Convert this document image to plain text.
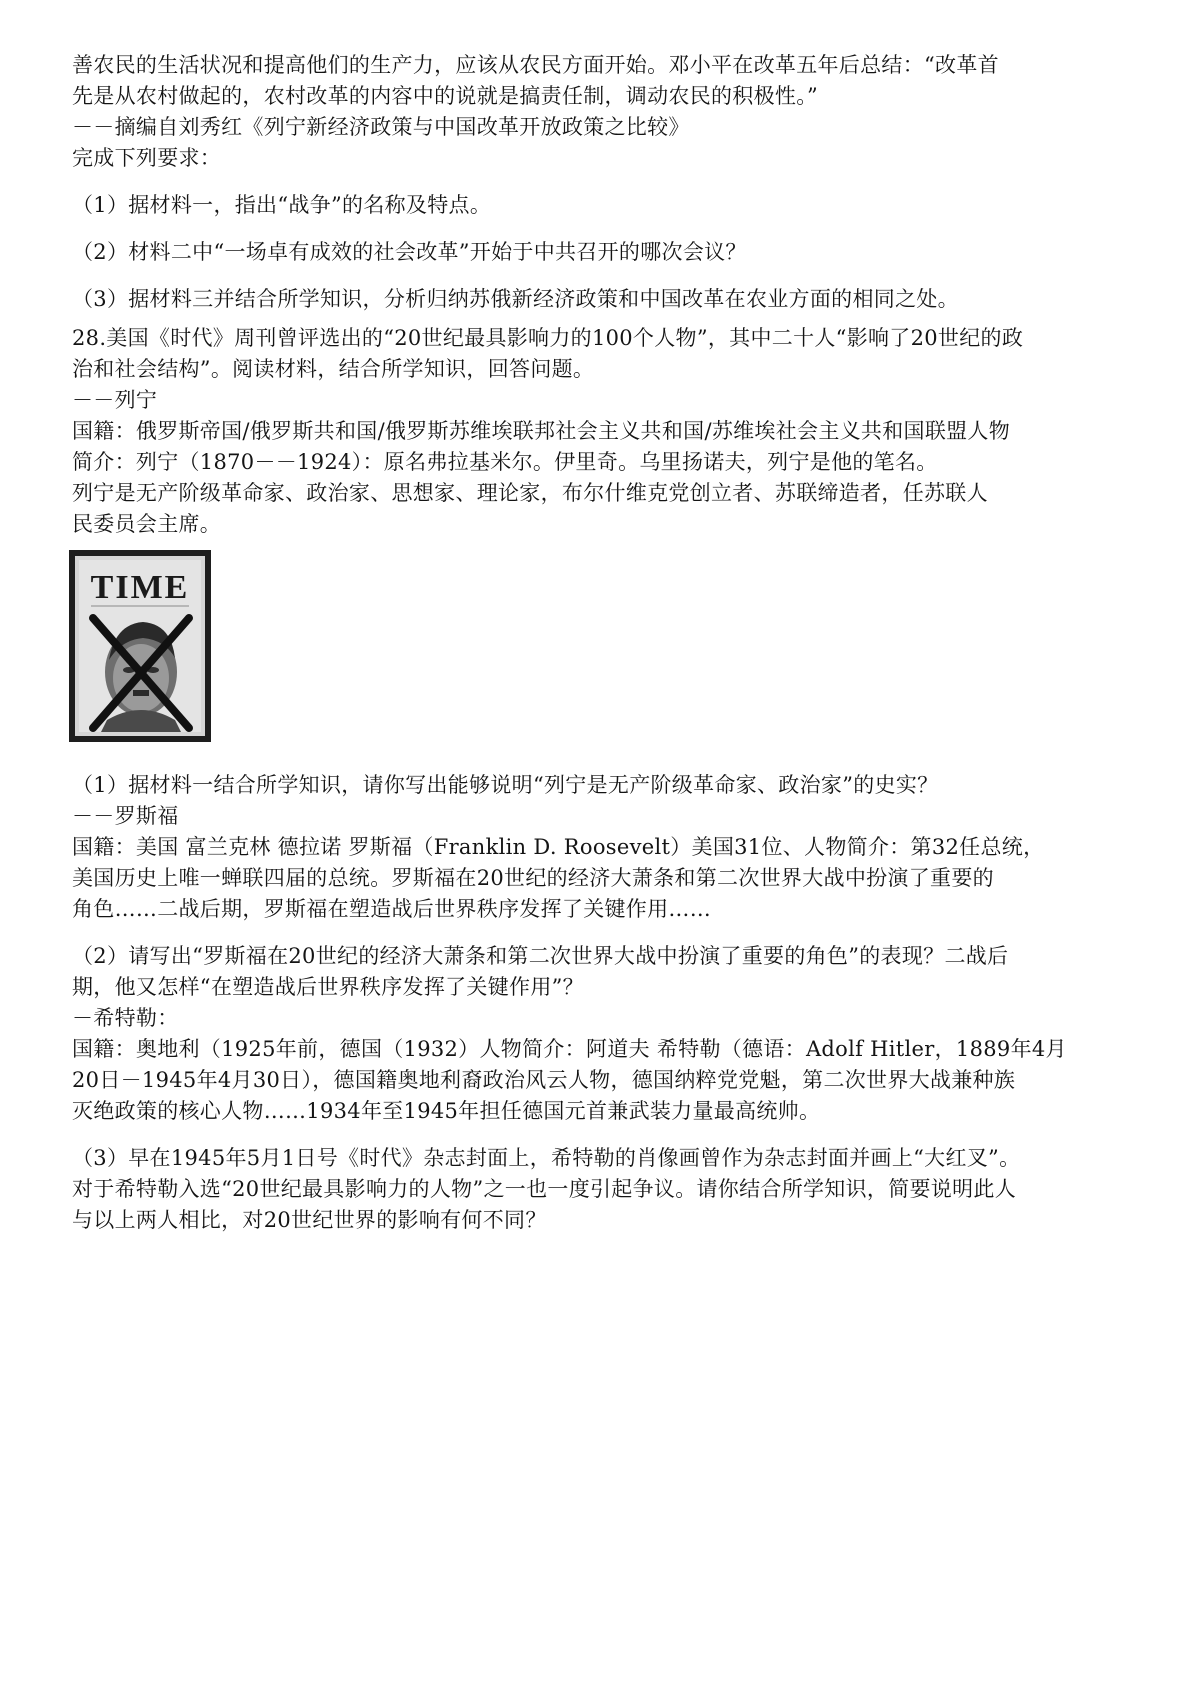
善农民的生活状况和提高他们的生产力，应该从农民方面开始。邓小平在改革五年后总结：“改革首

先是从农村做起的，农村改革的内容中的说就是搞责任制，调动农民的积极性。”

－－摘编自刘秀红《列宁新经济政策与中国改革开放政策之比较》

完成下列要求：

（1）据材料一，指出“战争”的名称及特点。

（2）材料二中“一场卓有成效的社会改革”开始于中共召开的哪次会议？

（3）据材料三并结合所学知识，分析归纳苏俄新经济政策和中国改革在农业方面的相同之处。

28.美国《时代》周刊曾评选出的“20世纪最具影响力的100个人物”，其中二十人“影响了20世纪的政

治和社会结构”。阅读材料，结合所学知识，回答问题。

－－列宁

国籍：俄罗斯帝国/俄罗斯共和国/俄罗斯苏维埃联邦社会主义共和国/苏维埃社会主义共和国联盟人物

简介：列宁（1870－－1924）：原名弗拉基米尔。伊里奇。乌里扬诺夫，列宁是他的笔名。

列宁是无产阶级革命家、政治家、思想家、理论家，布尔什维克党创立者、苏联缔造者，任苏联人

民委员会主席。

TIME

（1）据材料一结合所学知识，请你写出能够说明“列宁是无产阶级革命家、政治家”的史实？

－－罗斯福

国籍：美国 富兰克林 德拉诺 罗斯福（Franklin D. Roosevelt）美国31位、人物简介：第32任总统，

美国历史上唯一蝉联四届的总统。罗斯福在20世纪的经济大萧条和第二次世界大战中扮演了重要的

角色……二战后期，罗斯福在塑造战后世界秩序发挥了关键作用……

（2）请写出“罗斯福在20世纪的经济大萧条和第二次世界大战中扮演了重要的角色”的表现？二战后

期，他又怎样“在塑造战后世界秩序发挥了关键作用”？

－希特勒：

国籍：奥地利（1925年前，德国（1932）人物简介：阿道夫 希特勒（德语：Adolf Hitler，1889年4月

20日－1945年4月30日），德国籍奥地利裔政治风云人物，德国纳粹党党魁，第二次世界大战兼种族

灭绝政策的核心人物……1934年至1945年担任德国元首兼武装力量最高统帅。

（3）早在1945年5月1日号《时代》杂志封面上，希特勒的肖像画曾作为杂志封面并画上“大红叉”。

对于希特勒入选“20世纪最具影响力的人物”之一也一度引起争议。请你结合所学知识，简要说明此人

与以上两人相比，对20世纪世界的影响有何不同？
